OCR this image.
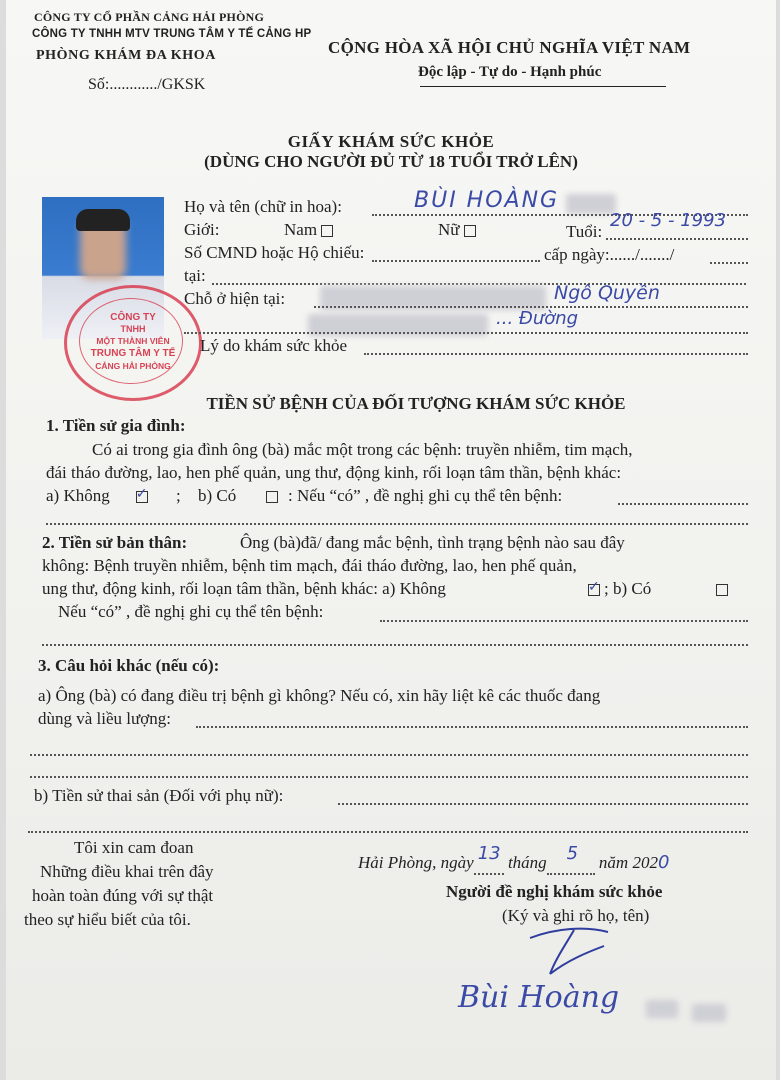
CÔNG TY CỔ PHẦN CẢNG HẢI PHÒNG
CÔNG TY TNHH MTV TRUNG TÂM Y TẾ CẢNG HP
PHÒNG KHÁM ĐA KHOA
Số:............/GKSK
CỘNG HÒA XÃ HỘI CHỦ NGHĨA VIỆT NAM
Độc lập - Tự do - Hạnh phúc
GIẤY KHÁM SỨC KHỎE
(DÙNG CHO NGƯỜI ĐỦ TỪ 18 TUỔI TRỞ LÊN)
CÔNG TY
TNHH
MỘT THÀNH VIÊN
TRUNG TÂM Y TẾ
CẢNG HẢI PHÒNG
Họ và tên (chữ in hoa):	BÙI HOÀNG
Giới:	Nam	Nữ	Tuổi:
20 - 5 - 1993
Số CMND hoặc Hộ chiếu:	cấp ngày:....../......./
tại:
Chỗ ở hiện tại:	Ngô Quyền
... Đường
Lý do khám sức khỏe
TIỀN SỬ BỆNH CỦA ĐỐI TƯỢNG KHÁM SỨC KHỎE
1. Tiền sử gia đình:
Có ai trong gia đình ông (bà) mắc một trong các bệnh: truyền nhiễm, tim mạch,
đái tháo đường, lao, hen phế quản, ung thư, động kinh, rối loạn tâm thần, bệnh khác:
a) Không ✓ ; b) Có	: Nếu “có” , đề nghị ghi cụ thể tên bệnh:
2. Tiền sử bản thân:	Ông (bà)đã/ đang mắc bệnh, tình trạng bệnh nào sau đây
không: Bệnh truyền nhiễm, bệnh tim mạch, đái tháo đường, lao, hen phế quản,
ung thư, động kinh, rối loạn tâm thần, bệnh khác: a) Không	✓ ; b) Có
Nếu “có” , đề nghị ghi cụ thể tên bệnh:
3. Câu hỏi khác (nếu có):
a) Ông (bà) có đang điều trị bệnh gì không? Nếu có, xin hãy liệt kê các thuốc đang
dùng và liều lượng:
b) Tiền sử thai sản (Đối với phụ nữ):
Tôi xin cam đoan
Những điều khai trên đây
hoàn toàn đúng với sự thật
theo sự hiểu biết của tôi.
Hải Phòng, ngày 13 tháng 5 năm 2020
Người đề nghị khám sức khỏe
(Ký và ghi rõ họ, tên)
Bùi Hoàng
